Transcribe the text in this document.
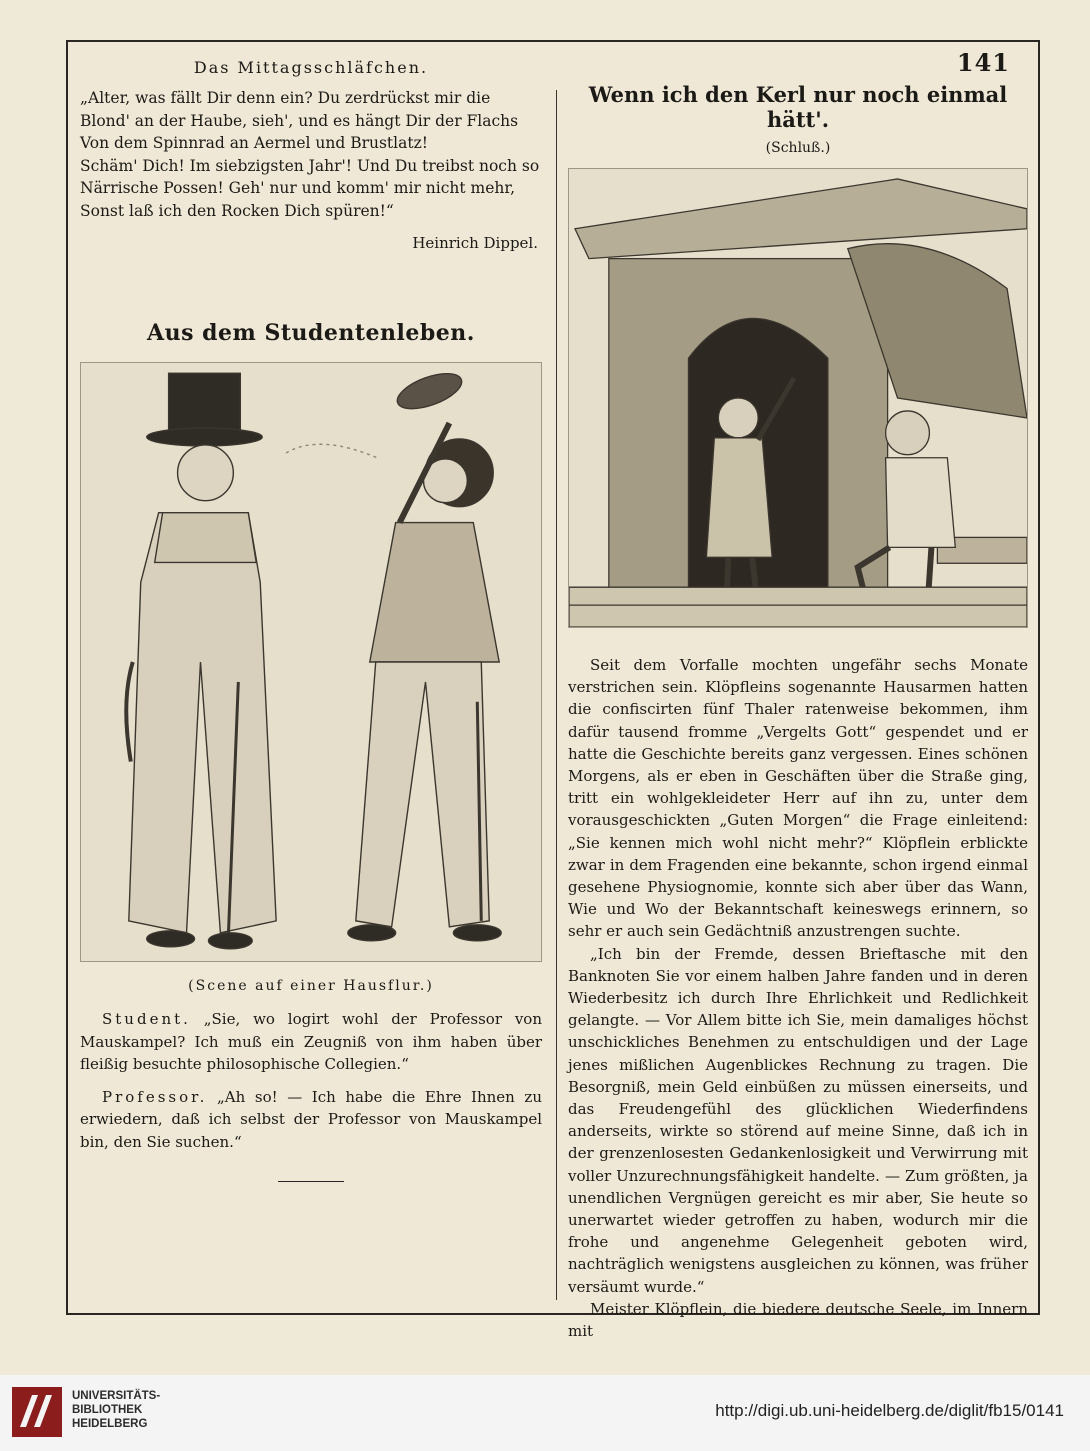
141
Das Mittagsschläfchen.
„Alter, was fällt Dir denn ein? Du zerdrückst mir die
Blond' an der Haube, sieh', und es hängt Dir der Flachs
Von dem Spinnrad an Aermel und Brustlatz!
Schäm' Dich! Im siebzigsten Jahr'! Und Du treibst noch so
Närrische Possen! Geh' nur und komm' mir nicht mehr,
Sonst laß ich den Rocken Dich spüren!“
Heinrich Dippel.
Aus dem Studentenleben.
(Scene auf einer Hausflur.)

Student. „Sie, wo logirt wohl der Professor von Mauskampel? Ich muß ein Zeugniß von ihm haben über fleißig besuchte philosophische Collegien.“

Professor. „Ah so! — Ich habe die Ehre Ihnen zu erwiedern, daß ich selbst der Professor von Mauskampel bin, den Sie suchen.“

Wenn ich den Kerl nur noch einmal hätt'.
(Schluß.)

Seit dem Vorfalle mochten ungefähr sechs Monate verstrichen sein. Klöpfleins sogenannte Hausarmen hatten die confiscirten fünf Thaler ratenweise bekommen, ihm dafür tausend fromme „Vergelts Gott“ gespendet und er hatte die Geschichte bereits ganz vergessen. Eines schönen Morgens, als er eben in Geschäften über die Straße ging, tritt ein wohlgekleideter Herr auf ihn zu, unter dem vorausgeschickten „Guten Morgen“ die Frage einleitend: „Sie kennen mich wohl nicht mehr?“ Klöpflein erblickte zwar in dem Fragenden eine bekannte, schon irgend einmal gesehene Physiognomie, konnte sich aber über das Wann, Wie und Wo der Bekanntschaft keineswegs erinnern, so sehr er auch sein Gedächtniß anzustrengen suchte.

„Ich bin der Fremde, dessen Brieftasche mit den Banknoten Sie vor einem halben Jahre fanden und in deren Wiederbesitz ich durch Ihre Ehrlichkeit und Redlichkeit gelangte. — Vor Allem bitte ich Sie, mein damaliges höchst unschickliches Benehmen zu entschuldigen und der Lage jenes mißlichen Augenblickes Rechnung zu tragen. Die Besorgniß, mein Geld einbüßen zu müssen einerseits, und das Freudengefühl des glücklichen Wiederfindens anderseits, wirkte so störend auf meine Sinne, daß ich in der grenzenlosesten Gedankenlosigkeit und Verwirrung mit voller Unzurechnungsfähigkeit handelte. — Zum größten, ja unendlichen Vergnügen gereicht es mir aber, Sie heute so unerwartet wieder getroffen zu haben, wodurch mir die frohe und angenehme Gelegenheit geboten wird, nachträglich wenigstens ausgleichen zu können, was früher versäumt wurde.“

Meister Klöpflein, die biedere deutsche Seele, im Innern mit

UNIVERSITÄTS-
BIBLIOTHEK
HEIDELBERG
http://digi.ub.uni-heidelberg.de/diglit/fb15/0141
